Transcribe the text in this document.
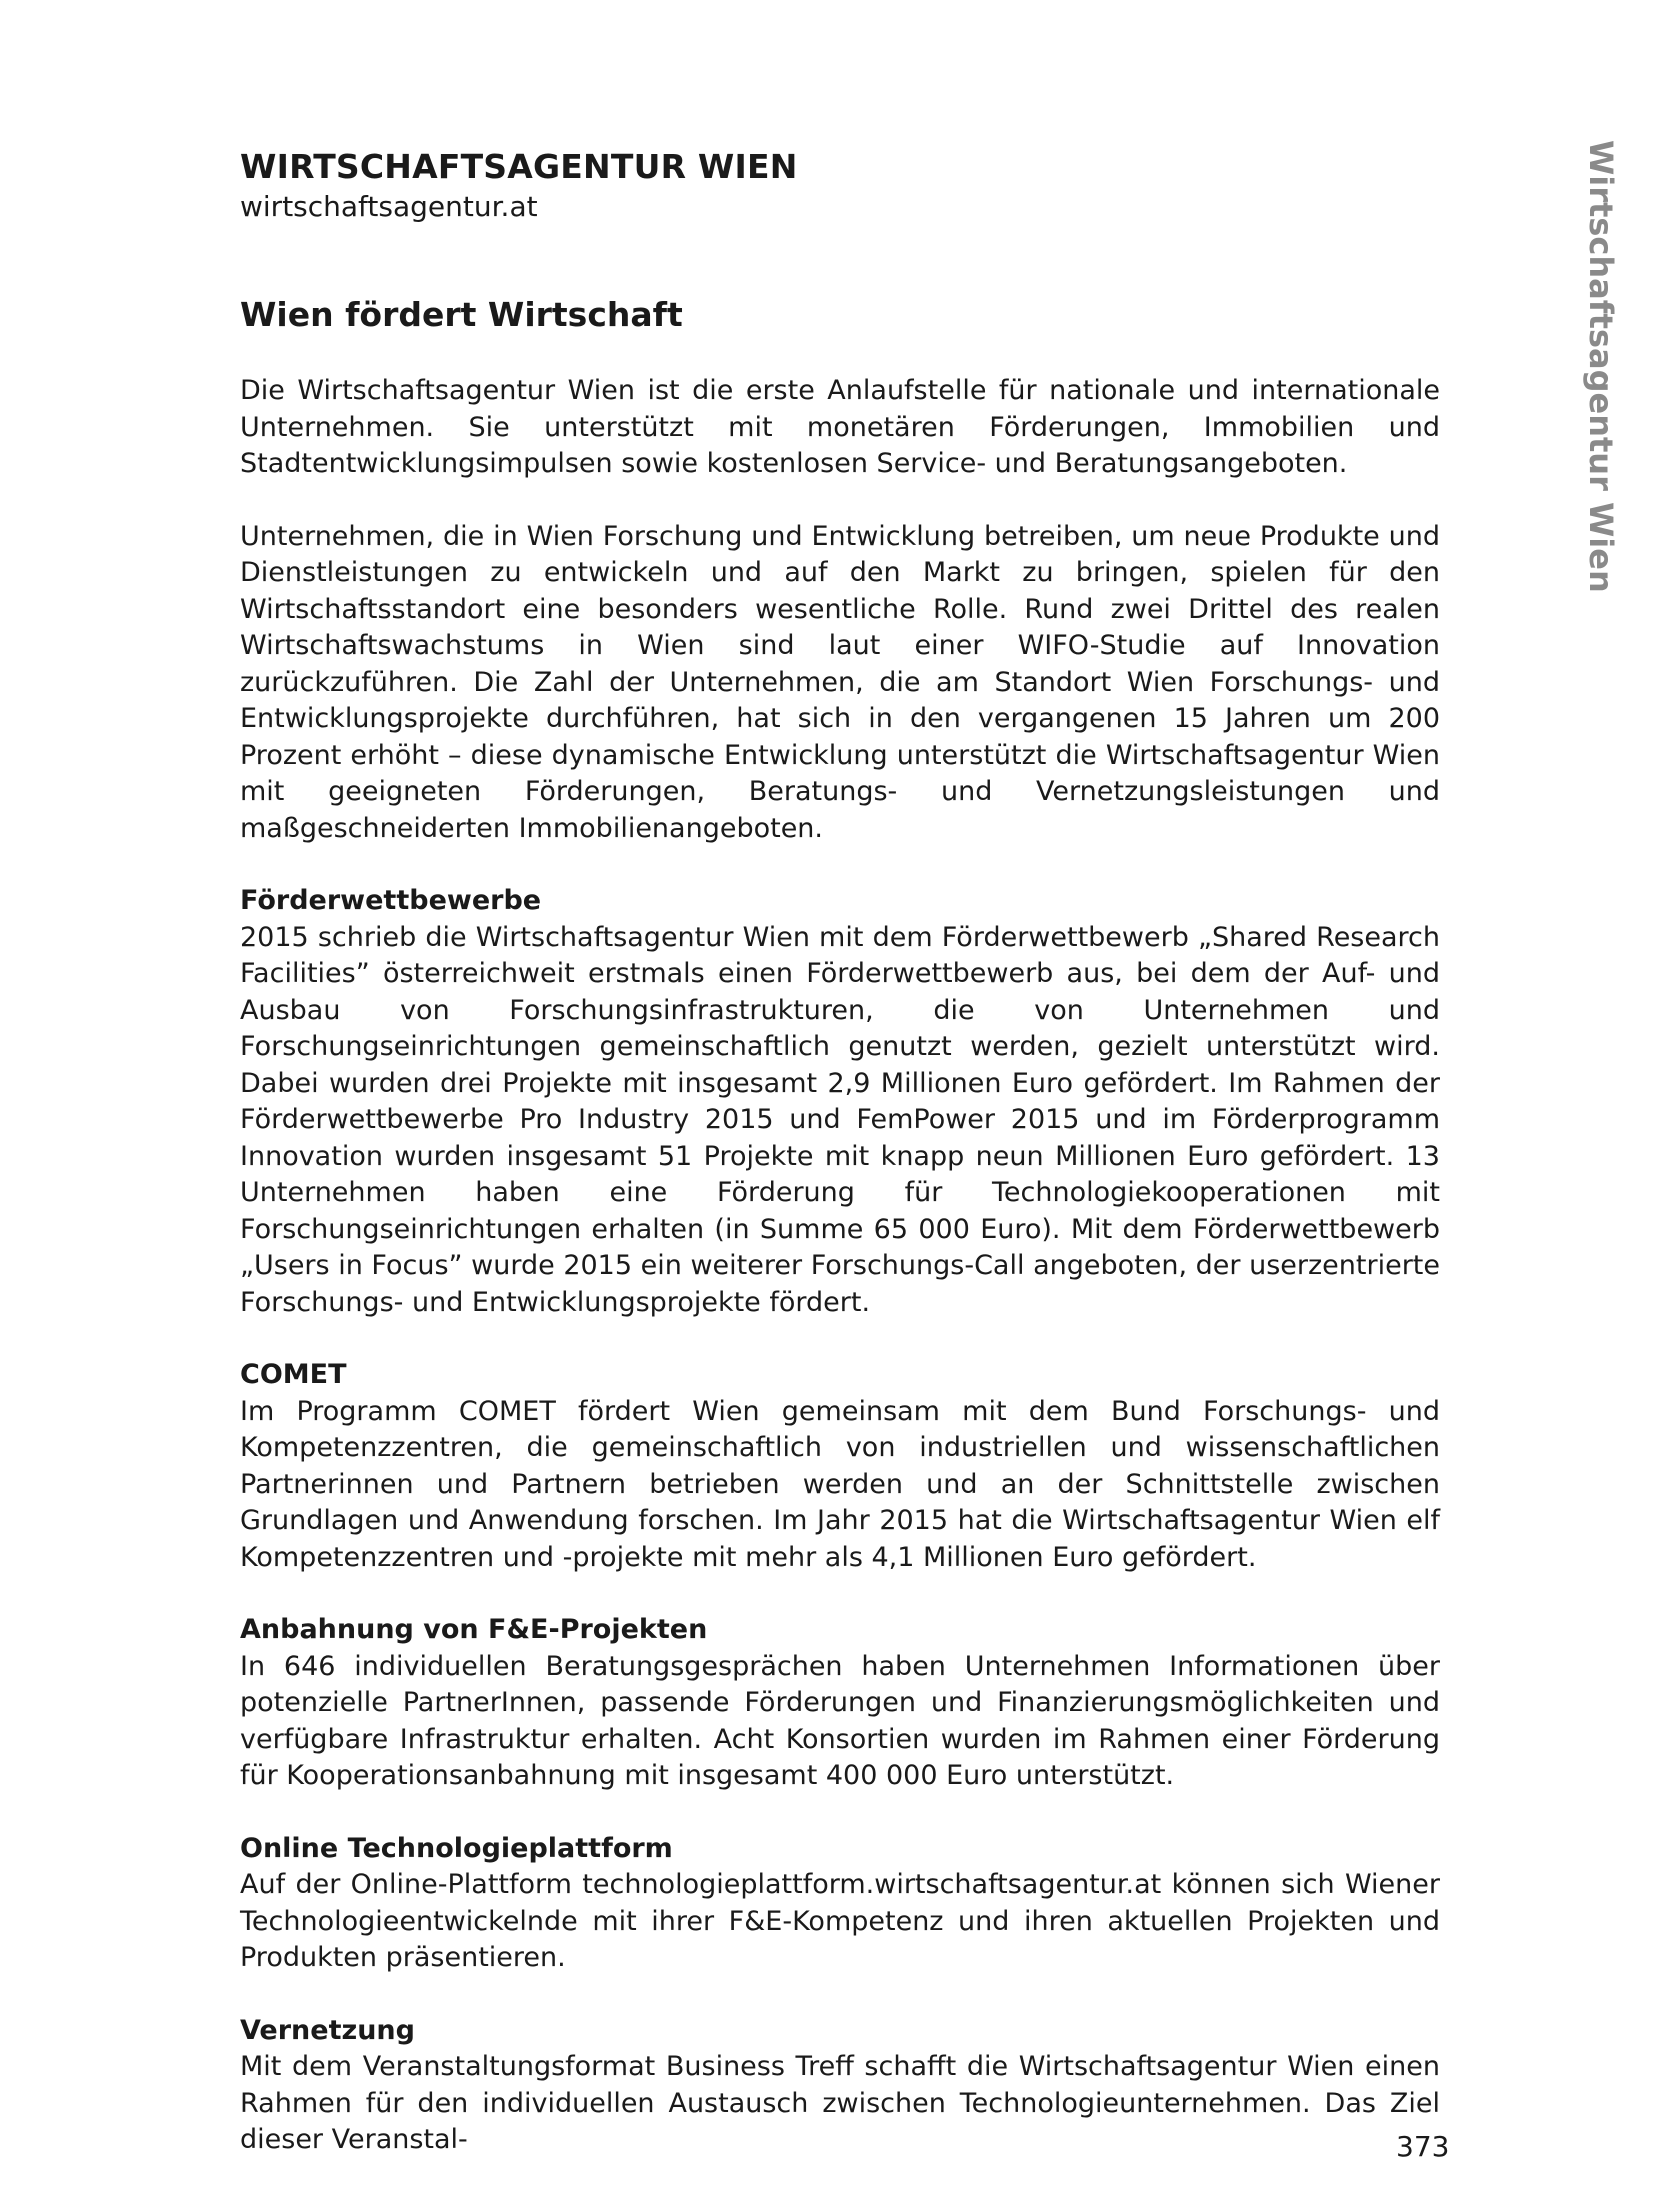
WIRTSCHAFTSAGENTUR WIEN
wirtschaftsagentur.at
Wien fördert Wirtschaft

Die Wirtschaftsagentur Wien ist die erste Anlaufstelle für nationale und internationale Unternehmen. Sie unterstützt mit monetären Förderungen, Immobilien und Stadtentwicklungsimpulsen sowie kostenlosen Service- und Beratungsangeboten.

Unternehmen, die in Wien Forschung und Entwicklung betreiben, um neue Produkte und Dienstleistungen zu entwickeln und auf den Markt zu bringen, spielen für den Wirtschaftsstandort eine besonders wesentliche Rolle. Rund zwei Drittel des realen Wirtschaftswachstums in Wien sind laut einer WIFO-Studie auf Innovation zurückzuführen. Die Zahl der Unternehmen, die am Standort Wien Forschungs- und Entwicklungsprojekte durchführen, hat sich in den vergangenen 15 Jahren um 200 Prozent erhöht – diese dynamische Entwicklung unterstützt die Wirtschaftsagentur Wien mit geeigneten Förderungen, Beratungs- und Vernetzungsleistungen und maßgeschneiderten Immobilienangeboten.

Förderwettbewerbe

2015 schrieb die Wirtschaftsagentur Wien mit dem Förderwettbewerb „Shared Research Facilities” österreichweit erstmals einen Förderwettbewerb aus, bei dem der Auf- und Ausbau von Forschungsinfrastrukturen, die von Unternehmen und Forschungseinrichtungen gemeinschaftlich genutzt werden, gezielt unterstützt wird. Dabei wurden drei Projekte mit insgesamt 2,9 Millionen Euro gefördert. Im Rahmen der Förderwettbewerbe Pro Industry 2015 und FemPower 2015 und im Förderprogramm Innovation wurden insgesamt 51 Projekte mit knapp neun Millionen Euro gefördert. 13 Unternehmen haben eine Förderung für Technologiekooperationen mit Forschungseinrichtungen erhalten (in Summe 65 000 Euro). Mit dem Förderwettbewerb „Users in Focus” wurde 2015 ein weiterer Forschungs-Call angeboten, der userzentrierte Forschungs- und Entwicklungsprojekte fördert.

COMET

Im Programm COMET fördert Wien gemeinsam mit dem Bund Forschungs- und Kompetenzzentren, die gemeinschaftlich von industriellen und wissenschaftlichen Partnerinnen und Partnern betrieben werden und an der Schnittstelle zwischen Grundlagen und Anwendung forschen. Im Jahr 2015 hat die Wirtschaftsagentur Wien elf Kompetenzzentren und -projekte mit mehr als 4,1 Millionen Euro gefördert.

Anbahnung von F&E-Projekten

In 646 individuellen Beratungsgesprächen haben Unternehmen Informationen über potenzielle PartnerInnen, passende Förderungen und Finanzierungsmöglichkeiten und verfügbare Infrastruktur erhalten. Acht Konsortien wurden im Rahmen einer Förderung für Kooperationsanbahnung mit insgesamt 400 000 Euro unterstützt.

Online Technologieplattform

Auf der Online-Plattform technologieplattform.wirtschaftsagentur.at können sich Wiener Technologieentwickelnde mit ihrer F&E-Kompetenz und ihren aktuellen Projekten und Produkten präsentieren.

Vernetzung

Mit dem Veranstaltungsformat Business Treff schafft die Wirtschaftsagentur Wien einen Rahmen für den individuellen Austausch zwischen Technologieunternehmen. Das Ziel dieser Veranstal-

Wirtschaftsagentur Wien
373
